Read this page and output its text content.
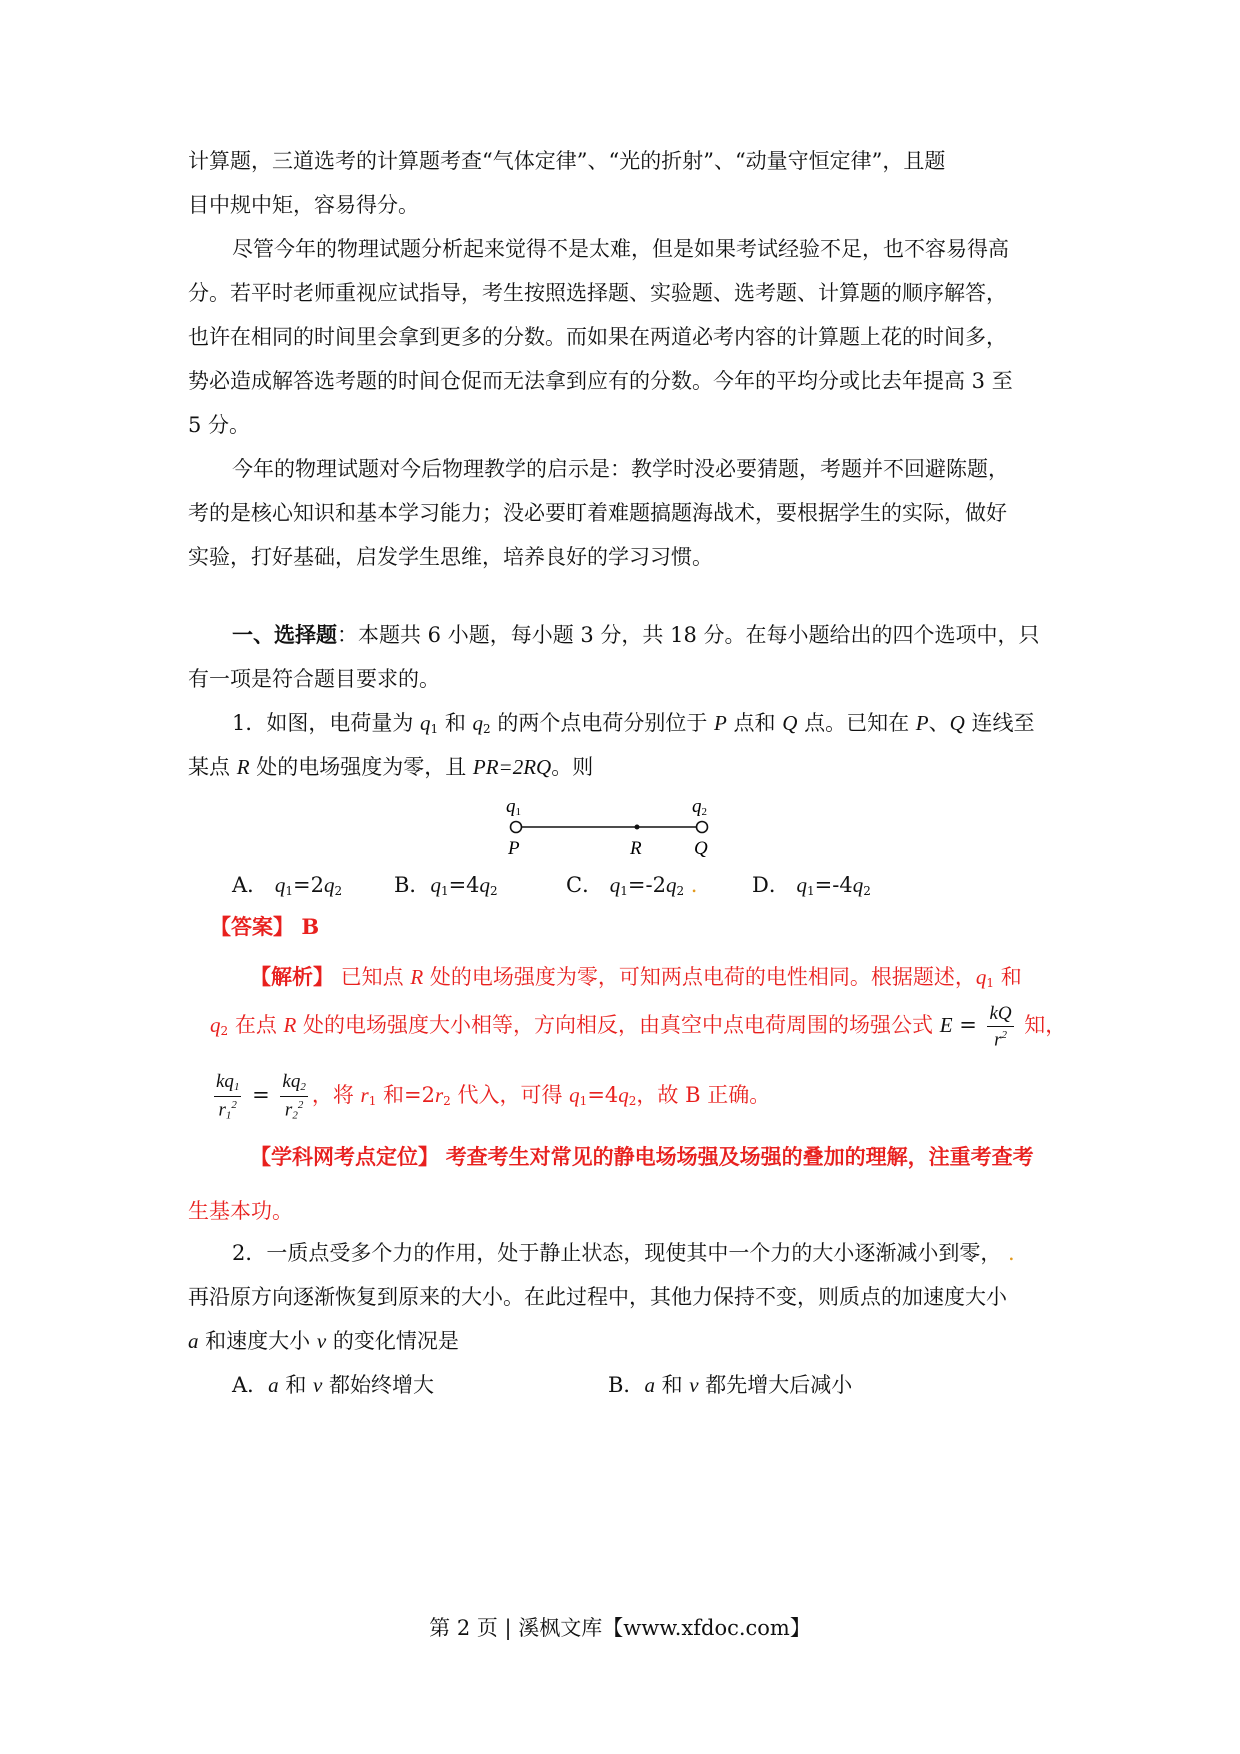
计算题，三道选考的计算题考查“气体定律”、“光的折射”、“动量守恒定律”，且题
目中规中矩，容易得分。
尽管今年的物理试题分析起来觉得不是太难，但是如果考试经验不足，也不容易得高
分。若平时老师重视应试指导，考生按照选择题、实验题、选考题、计算题的顺序解答，
也许在相同的时间里会拿到更多的分数。而如果在两道必考内容的计算题上花的时间多，
势必造成解答选考题的时间仓促而无法拿到应有的分数。今年的平均分或比去年提高 3 至
5 分。
今年的物理试题对今后物理教学的启示是：教学时没必要猜题，考题并不回避陈题，
考的是核心知识和基本学习能力；没必要盯着难题搞题海战术，要根据学生的实际，做好
实验，打好基础，启发学生思维，培养良好的学习习惯。
一、选择题：本题共 6 小题，每小题 3 分，共 18 分。在每小题给出的四个选项中，只
有一项是符合题目要求的。
1．如图，电荷量为 $q_1$ 和 $q_2$ 的两个点电荷分别位于 P 点和 Q 点。已知在 P、Q 连线至
某点 R 处的电场强度为零，且 PR=2RQ。则
q1	q2
P	R	Q
A． $q_1=2q_2$ B．$q_1=4q_2$	C． $q_1=-2q_2$ .	D． $q_1=-4q_2$
【答案】 B
【解析】 已知点 R 处的电场强度为零，可知两点电荷的电性相同。根据题述，$q_1$ 和
$q_2$ 在点 R 处的电场强度大小相等，方向相反，由真空中点电荷周围的场强公式 $E = \frac{kQ}{r^2}$ 知，
$\frac{kq_1}{r_1^2} = \frac{kq_2}{r_2^2}$ ，将 $r_1$ 和$=2r_2$ 代入，可得 $q_1=4q_2$，故 B 正确。
【学科网考点定位】 考查考生对常见的静电场场强及场强的叠加的理解，注重考查考
生基本功。
2．一质点受多个力的作用，处于静止状态，现使其中一个力的大小逐渐减小到零， .
再沿原方向逐渐恢复到原来的大小。在此过程中，其他力保持不变，则质点的加速度大小
a 和速度大小 v 的变化情况是
A．a 和 v 都始终增大	B．a 和 v 都先增大后减小
第 2 页 | 溪枫文库【www.xfdoc.com】
